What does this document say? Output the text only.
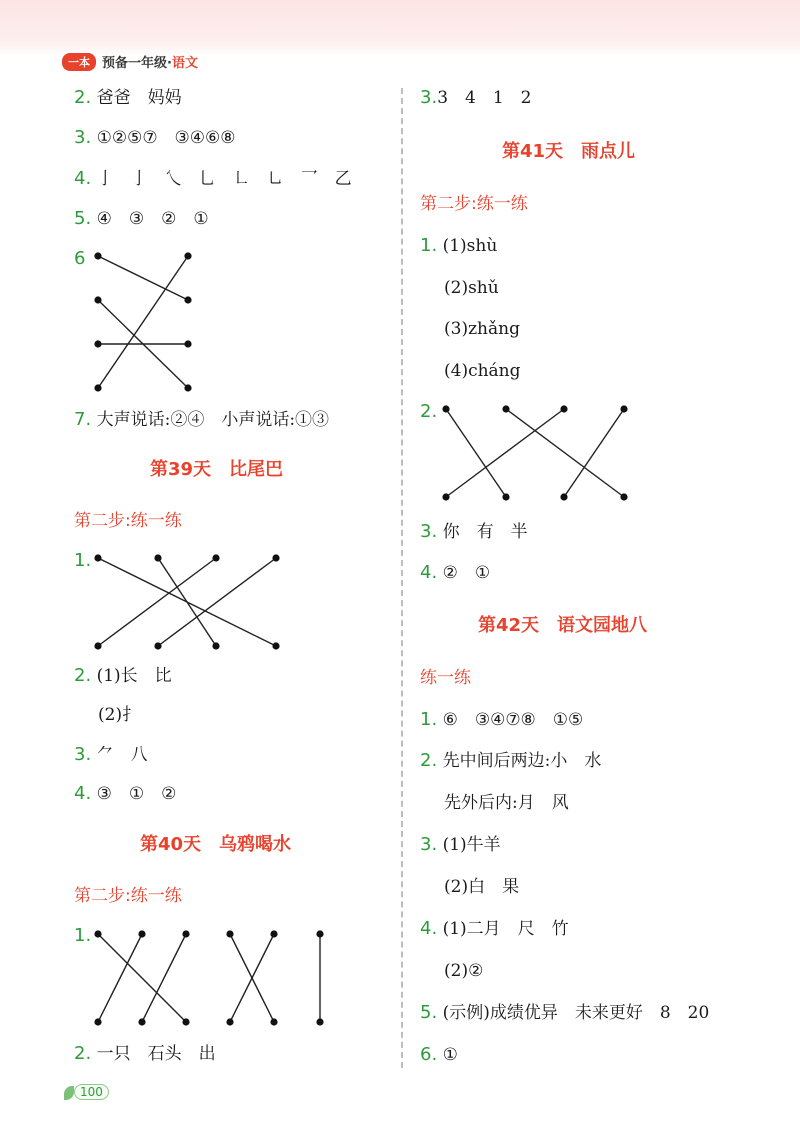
一本 预备一年级· 语文
2. 爸爸　妈妈
3. ①②⑤⑦　③④⑥⑧
4. 亅　亅　乀　乚　㇗　㇟　乛　乙
5. ④　③　②　①
6
7. 大声说话:②④　小声说话:①③
第39天　比尾巴
第二步:练一练
1.
2. (1)长　比
(2)扌
3. ⺈　八
4. ③　①　②
第40天　乌鸦喝水
第二步:练一练
1.
2. 一只　石头　出
3.3　4　1　2
第41天　雨点儿
第二步:练一练
1. (1)shù
(2)shǔ
(3)zhǎng
(4)cháng
2.
3. 你　有　半
4. ②　①
第42天　语文园地八
练一练
1. ⑥　③④⑦⑧　①⑤
2. 先中间后两边:小　水
先外后内:月　风
3. (1)牛羊
(2)白　果
4. (1)二月　尺　竹
(2)②
5. (示例)成绩优异　未来更好　8　20
6. ①
100
